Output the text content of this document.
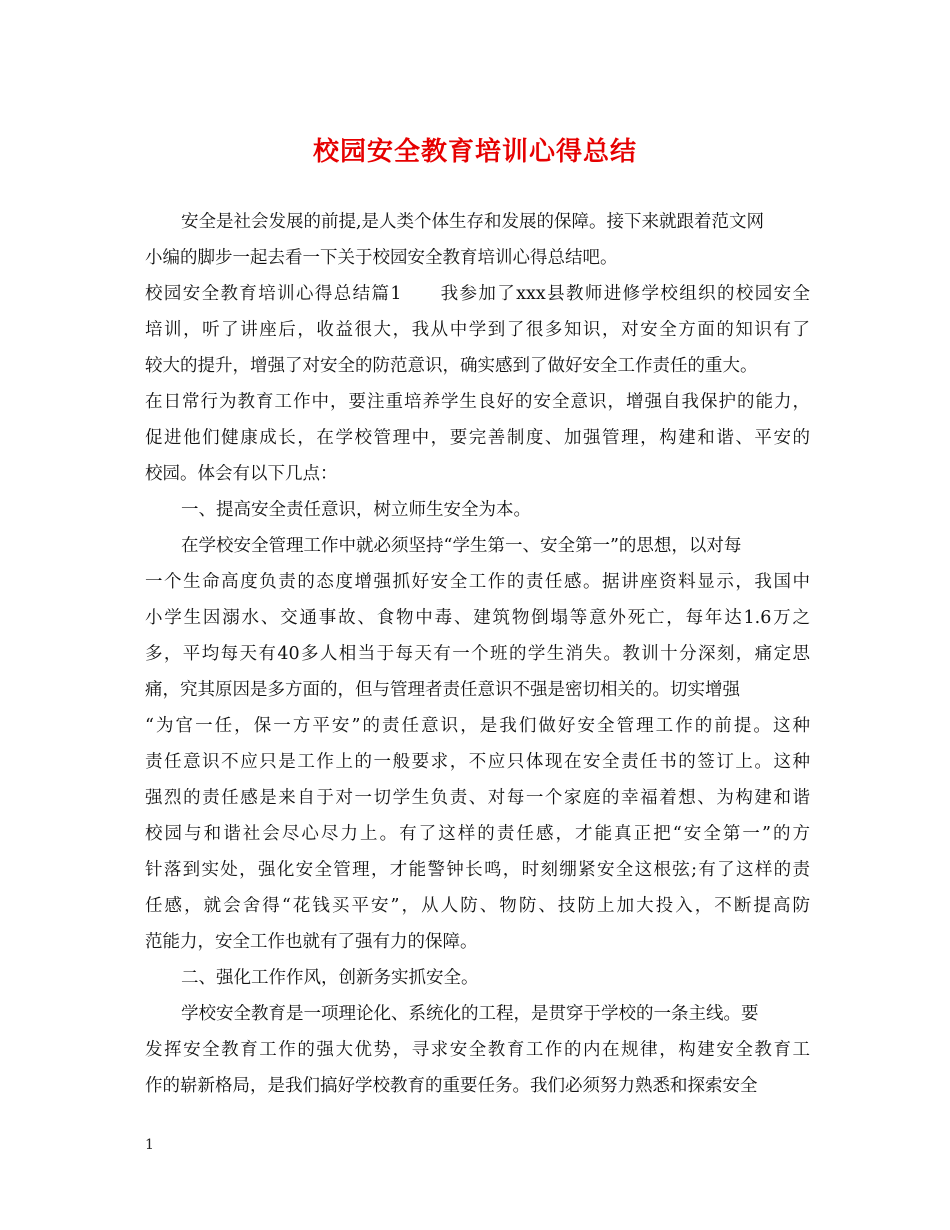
校园安全教育培训心得总结
安全是社会发展的前提,是人类个体生存和发展的保障。接下来就跟着范文网
小编的脚步一起去看一下关于校园安全教育培训心得总结吧。
校园安全教育培训心得总结篇1　　我参加了xxx县教师进修学校组织的校园安全
培训，听了讲座后，收益很大，我从中学到了很多知识，对安全方面的知识有了
较大的提升，增强了对安全的防范意识，确实感到了做好安全工作责任的重大。
在日常行为教育工作中，要注重培养学生良好的安全意识，增强自我保护的能力，
促进他们健康成长，在学校管理中，要完善制度、加强管理，构建和谐、平安的
校园。体会有以下几点：
一、提高安全责任意识，树立师生安全为本。
在学校安全管理工作中就必须坚持“学生第一、安全第一”的思想，以对每
一个生命高度负责的态度增强抓好安全工作的责任感。据讲座资料显示，我国中
小学生因溺水、交通事故、食物中毒、建筑物倒塌等意外死亡，每年达1.6万之
多，平均每天有40多人相当于每天有一个班的学生消失。教训十分深刻，痛定思
痛，究其原因是多方面的，但与管理者责任意识不强是密切相关的。切实增强
“为官一任，保一方平安”的责任意识，是我们做好安全管理工作的前提。这种
责任意识不应只是工作上的一般要求，不应只体现在安全责任书的签订上。这种
强烈的责任感是来自于对一切学生负责、对每一个家庭的幸福着想、为构建和谐
校园与和谐社会尽心尽力上。有了这样的责任感，才能真正把“安全第一”的方
针落到实处，强化安全管理，才能警钟长鸣，时刻绷紧安全这根弦;有了这样的责
任感，就会舍得“花钱买平安”，从人防、物防、技防上加大投入，不断提高防
范能力，安全工作也就有了强有力的保障。
二、强化工作作风，创新务实抓安全。
学校安全教育是一项理论化、系统化的工程，是贯穿于学校的一条主线。要
发挥安全教育工作的强大优势，寻求安全教育工作的内在规律，构建安全教育工
作的崭新格局，是我们搞好学校教育的重要任务。我们必须努力熟悉和探索安全
1
